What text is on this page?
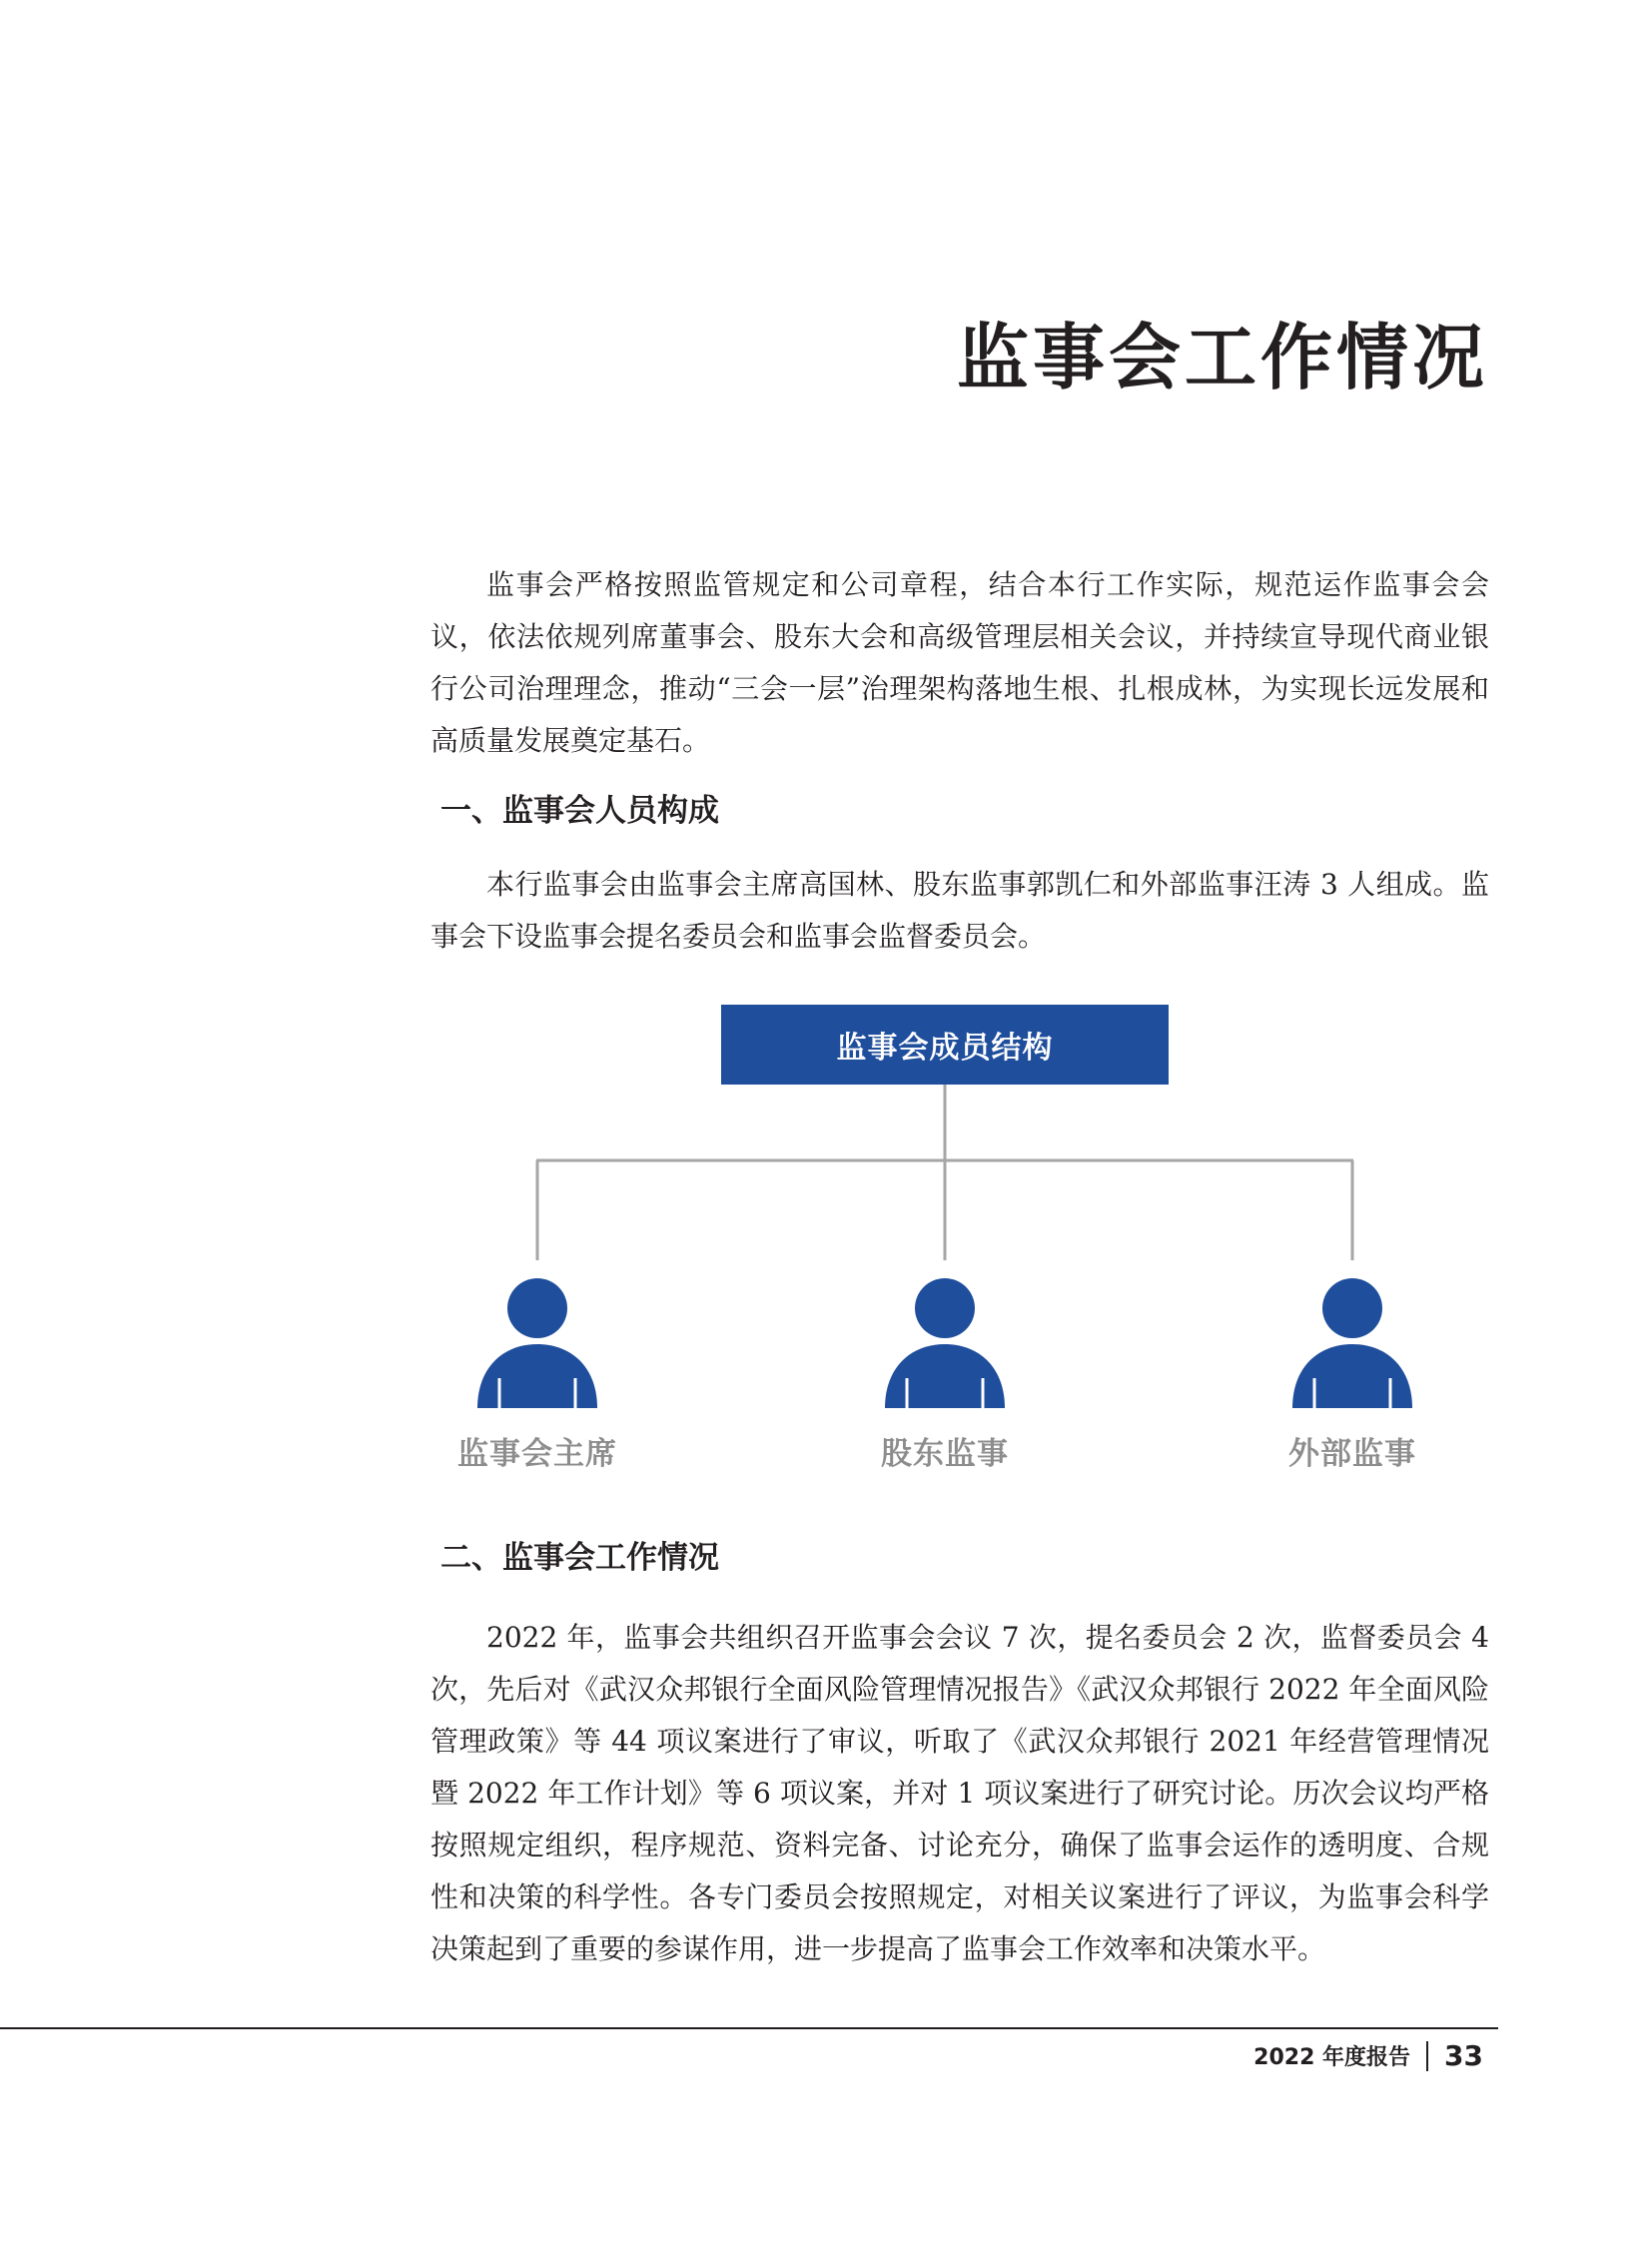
监事会工作情况

监事会严格按照监管规定和公司章程，结合本行工作实际，规范运作监事会会议，依法依规列席董事会、股东大会和高级管理层相关会议，并持续宣导现代商业银行公司治理理念，推动“三会一层”治理架构落地生根、扎根成林，为实现长远发展和高质量发展奠定基石。

一、监事会人员构成

本行监事会由监事会主席高国林、股东监事郭凯仁和外部监事汪涛 3 人组成。监事会下设监事会提名委员会和监事会监督委员会。

监事会成员结构
监事会主席	股东监事	外部监事
二、监事会工作情况

2022 年，监事会共组织召开监事会会议 7 次，提名委员会 2 次，监督委员会 4 次，先后对《武汉众邦银行全面风险管理情况报告》《武汉众邦银行 2022 年全面风险管理政策》等 44 项议案进行了审议，听取了《武汉众邦银行 2021 年经营管理情况暨 2022 年工作计划》等 6 项议案，并对 1 项议案进行了研究讨论。历次会议均严格按照规定组织，程序规范、资料完备、讨论充分，确保了监事会运作的透明度、合规性和决策的科学性。各专门委员会按照规定，对相关议案进行了评议，为监事会科学决策起到了重要的参谋作用，进一步提高了监事会工作效率和决策水平。

2022 年度报告 33
